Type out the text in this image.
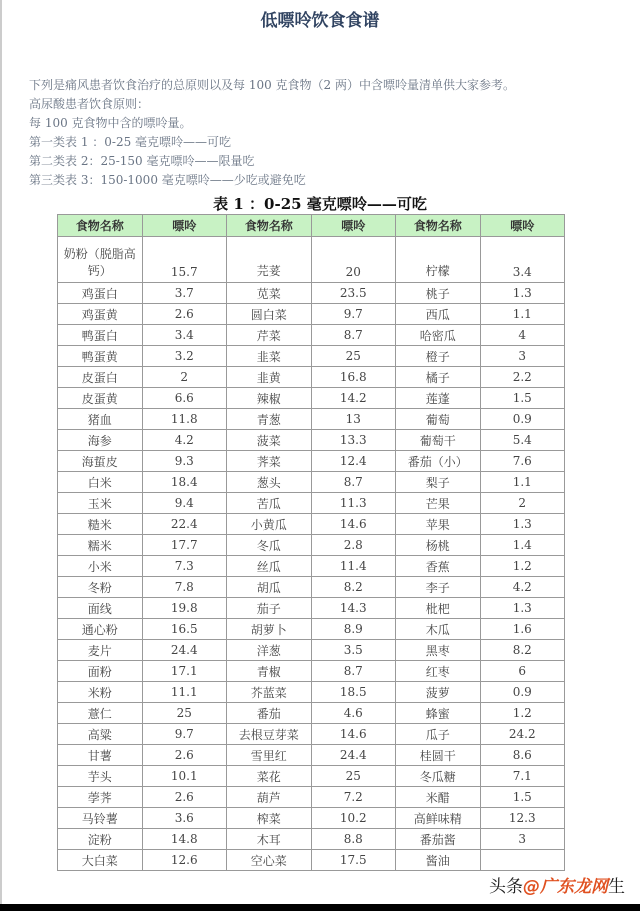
低嘌呤饮食食谱
下列是痛风患者饮食治疗的总原则以及每 100 克食物（2 两）中含嘌呤量清单供大家参考。
高尿酸患者饮食原则：
每 100 克食物中含的嘌呤量。
第一类表 1 ：0-25 毫克嘌呤——可吃
第二类表 2：25-150 毫克嘌呤——限量吃
第三类表 3：150-1000 毫克嘌呤——少吃或避免吃
表 1 ：0-25 毫克嘌呤——可吃
食物名称	嘌呤	食物名称	嘌呤	食物名称	嘌呤
奶粉（脱脂高钙）	15.7	芫荽	20	柠檬	3.4
鸡蛋白	3.7	苋菜	23.5	桃子	1.3
鸡蛋黄	2.6	圆白菜	9.7	西瓜	1.1
鸭蛋白	3.4	芹菜	8.7	哈密瓜	4
鸭蛋黄	3.2	韭菜	25	橙子	3
皮蛋白	2	韭黄	16.8	橘子	2.2
皮蛋黄	6.6	辣椒	14.2	莲蓬	1.5
猪血	11.8	青葱	13	葡萄	0.9
海参	4.2	菠菜	13.3	葡萄干	5.4
海蜇皮	9.3	荠菜	12.4	番茄（小）	7.6
白米	18.4	葱头	8.7	梨子	1.1
玉米	9.4	苦瓜	11.3	芒果	2
糙米	22.4	小黄瓜	14.6	苹果	1.3
糯米	17.7	冬瓜	2.8	杨桃	1.4
小米	7.3	丝瓜	11.4	香蕉	1.2
冬粉	7.8	胡瓜	8.2	李子	4.2
面线	19.8	茄子	14.3	枇杷	1.3
通心粉	16.5	胡萝卜	8.9	木瓜	1.6
麦片	24.4	洋葱	3.5	黑枣	8.2
面粉	17.1	青椒	8.7	红枣	6
米粉	11.1	芥蓝菜	18.5	菠萝	0.9
薏仁	25	番茄	4.6	蜂蜜	1.2
高粱	9.7	去根豆芽菜	14.6	瓜子	24.2
甘薯	2.6	雪里红	24.4	桂圆干	8.6
芋头	10.1	菜花	25	冬瓜糖	7.1
荸荠	2.6	葫芦	7.2	米醋	1.5
马铃薯	3.6	榨菜	10.2	高鲜味精	12.3
淀粉	14.8	木耳	8.8	番茄酱	3
大白菜	12.6	空心菜	17.5	酱油	
头条@广东龙网生
